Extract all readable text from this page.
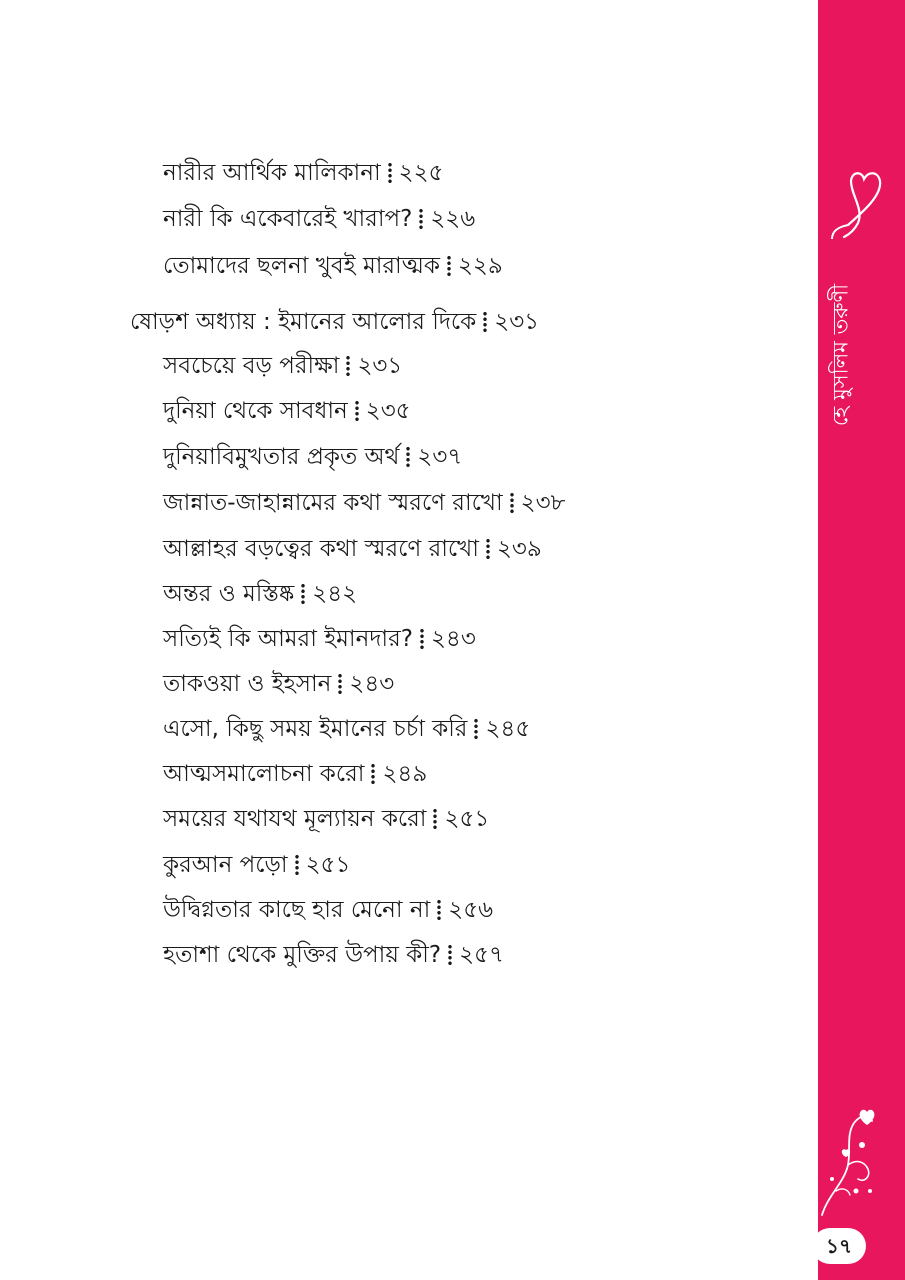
নারীর আর্থিক মালিকানা ২২৫
নারী কি একেবারেই খারাপ? ২২৬
তোমাদের ছলনা খুবই মারাত্মক ২২৯
ষোড়শ অধ্যায় : ইমানের আলোর দিকে ২৩১
সবচেয়ে বড় পরীক্ষা ২৩১
দুনিয়া থেকে সাবধান ২৩৫
দুনিয়াবিমুখতার প্রকৃত অর্থ ২৩৭
জান্নাত-জাহান্নামের কথা স্মরণে রাখো ২৩৮
আল্লাহর বড়ত্বের কথা স্মরণে রাখো ২৩৯
অন্তর ও মস্তিষ্ক ২৪২
সত্যিই কি আমরা ইমানদার? ২৪৩
তাকওয়া ও ইহসান ২৪৩
এসো, কিছু সময় ইমানের চর্চা করি ২৪৫
আত্মসমালোচনা করো ২৪৯
সময়ের যথাযথ মূল্যায়ন করো ২৫১
কুরআন পড়ো ২৫১
উদ্বিগ্নতার কাছে হার মেনো না ২৫৬
হতাশা থেকে মুক্তির উপায় কী? ২৫৭
হে মুসলিম তরুণী
১৭
